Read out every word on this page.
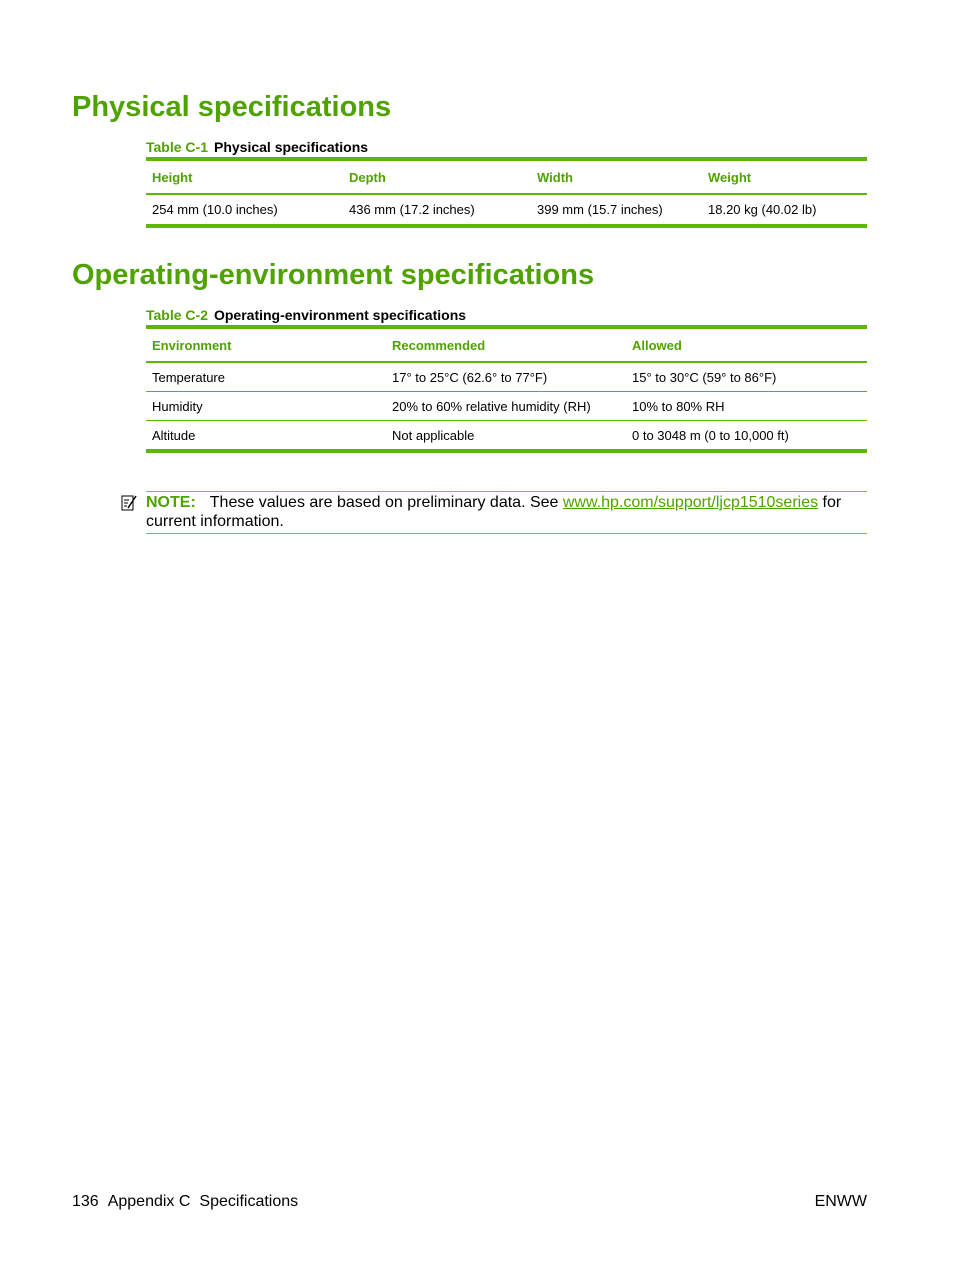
Physical specifications
Table C-1 Physical specifications
Height	Depth	Width	Weight
254 mm (10.0 inches)	436 mm (17.2 inches)	399 mm (15.7 inches)	18.20 kg (40.02 lb)
Operating-environment specifications
Table C-2 Operating-environment specifications
Environment	Recommended	Allowed
Temperature	17° to 25°C (62.6° to 77°F)	15° to 30°C (59° to 86°F)
Humidity	20% to 60% relative humidity (RH)	10% to 80% RH
Altitude	Not applicable	0 to 3048 m (0 to 10,000 ft)
NOTE: These values are based on preliminary data. See www.hp.com/support/ljcp1510series for current information.
136 Appendix C Specifications	ENWW
